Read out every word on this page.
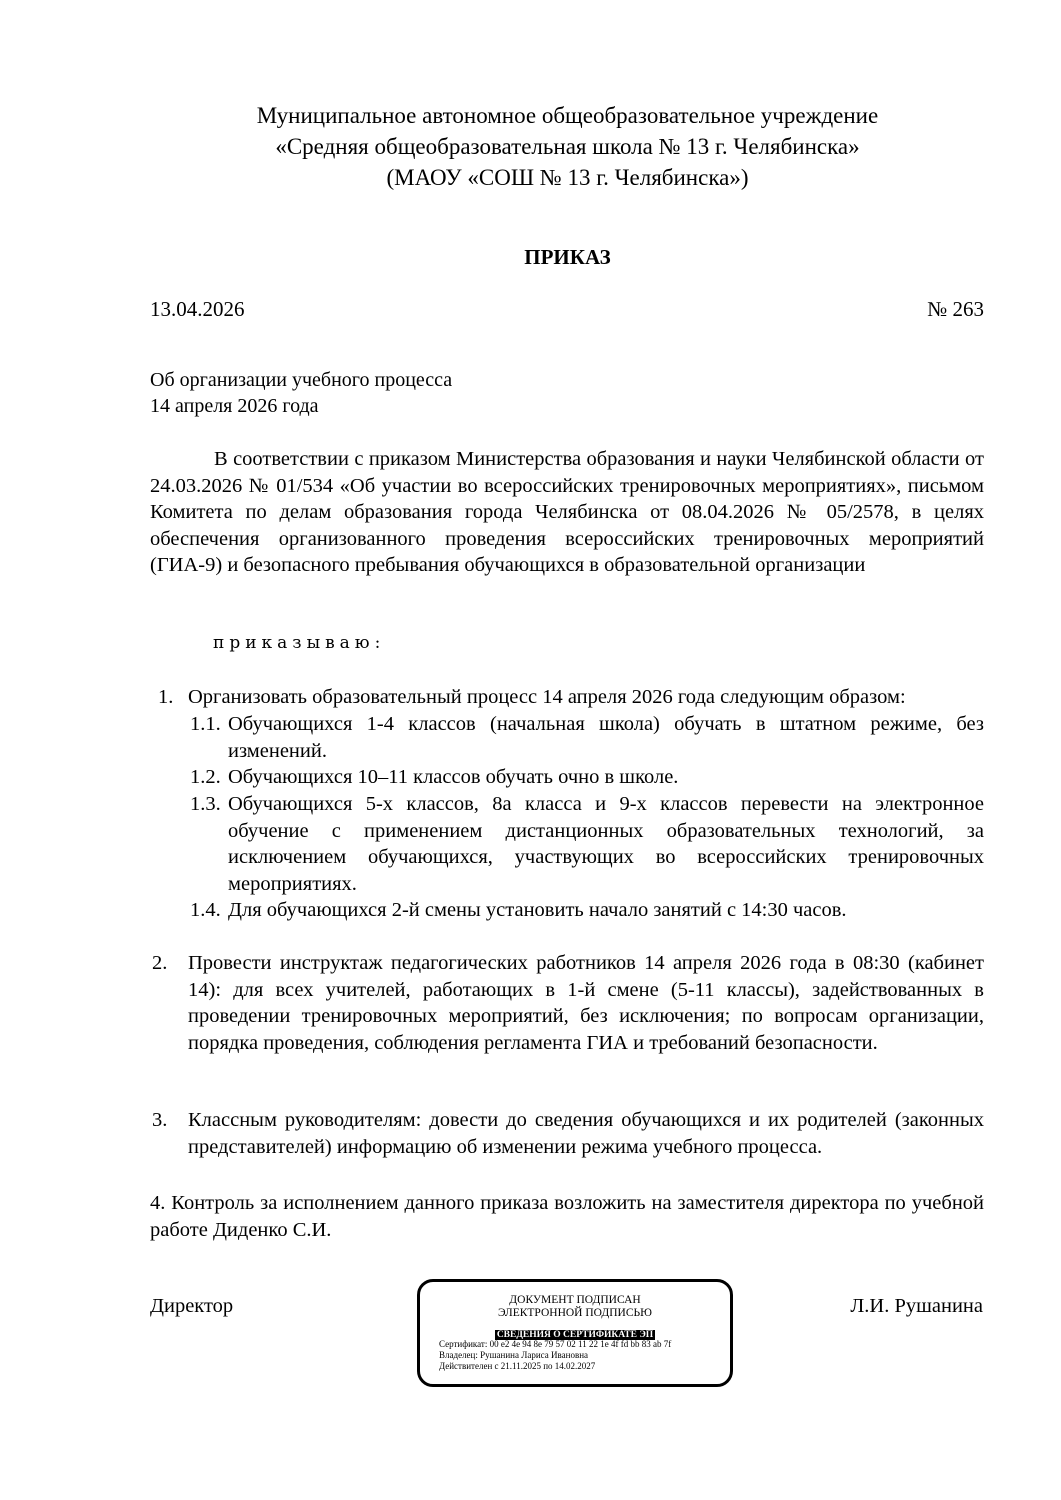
Муниципальное автономное общеобразовательное учреждение
«Средняя общеобразовательная школа № 13 г. Челябинска»
(МАОУ «СОШ № 13 г. Челябинска»)
ПРИКАЗ
13.04.2026	№ 263
Об организации учебного процесса
14 апреля 2026 года
В соответствии с приказом Министерства образования и науки Челябинской области от 24.03.2026 № 01/534 «Об участии во всероссийских тренировочных мероприятиях», письмом Комитета по делам образования города Челябинска от 08.04.2026 № 05/2578, в целях обеспечения организованного проведения всероссийских тренировочных мероприятий (ГИА-9) и безопасного пребывания обучающихся в образовательной организации
приказываю:
1. Организовать образовательный процесс 14 апреля 2026 года следующим образом:
1.1. Обучающихся 1-4 классов (начальная школа) обучать в штатном режиме, без изменений.
1.2. Обучающихся 10–11 классов обучать очно в школе.
1.3. Обучающихся 5-х классов, 8а класса и 9-х классов перевести на электронное обучение с применением дистанционных образовательных технологий, за исключением обучающихся, участвующих во всероссийских тренировочных мероприятиях.
1.4. Для обучающихся 2-й смены установить начало занятий с 14:30 часов.
2. Провести инструктаж педагогических работников 14 апреля 2026 года в 08:30 (кабинет 14): для всех учителей, работающих в 1-й смене (5-11 классы), задействованных в проведении тренировочных мероприятий, без исключения; по вопросам организации, порядка проведения, соблюдения регламента ГИА и требований безопасности.
3. Классным руководителям: довести до сведения обучающихся и их родителей (законных представителей) информацию об изменении режима учебного процесса.
4. Контроль за исполнением данного приказа возложить на заместителя директора по учебной работе Диденко С.И.
Директор	ДОКУМЕНТ ПОДПИСАН
ЭЛЕКТРОННОЙ ПОДПИСЬЮ
СВЕДЕНИЯ О СЕРТИФИКАТЕ ЭП
Сертификат: 00 e2 4e 94 8e 79 57 02 11 22 1e 4f fd bb 83 ab 7f
Владелец: Рушанина Лариса Ивановна
Действителен с 21.11.2025 по 14.02.2027
Л.И. Рушанина
